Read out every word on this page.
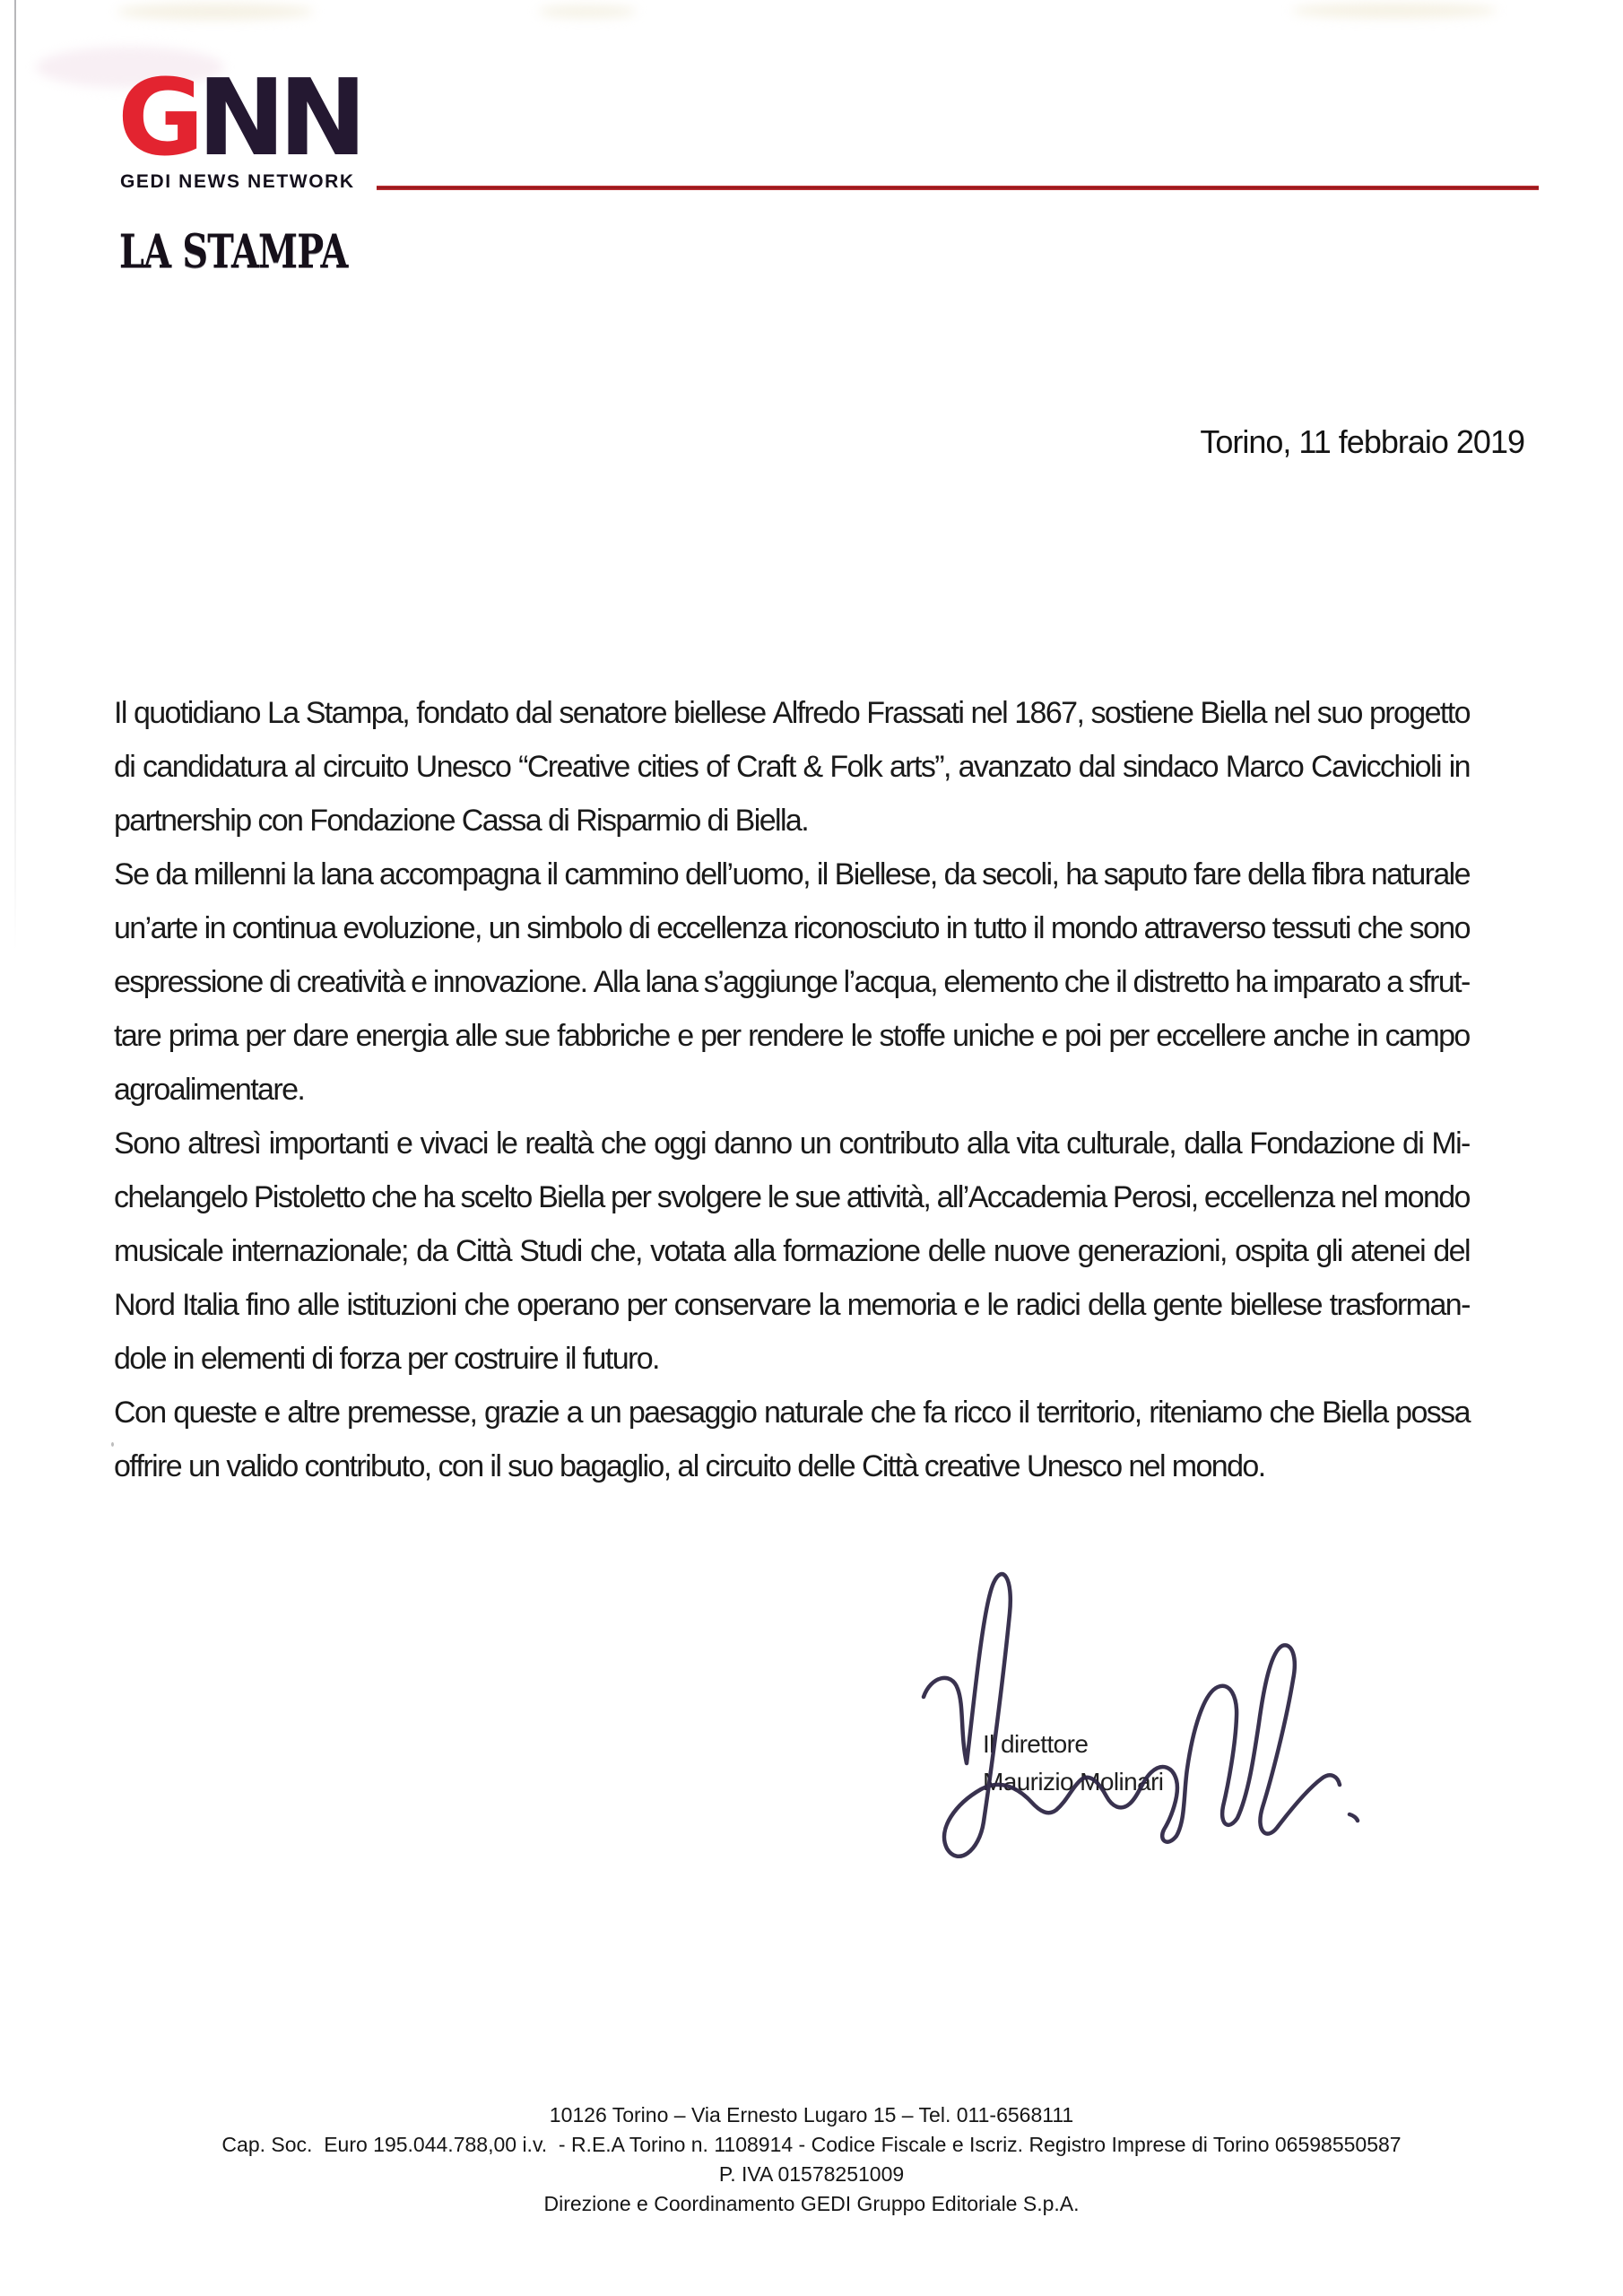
GNN
GEDI NEWS NETWORK
LA STAMPA
Torino, 11 febbraio 2019
Il quotidiano La Stampa, fondato dal senatore biellese Alfredo Frassati nel 1867, sostiene Biella nel suo progetto
di candidatura al circuito Unesco “Creative cities of Craft & Folk arts”, avanzato dal sindaco Marco Cavicchioli in
partnership con Fondazione Cassa di Risparmio di Biella.
Se da millenni la lana accompagna il cammino dell’uomo, il Biellese, da secoli, ha saputo fare della fibra naturale
un’arte in continua evoluzione, un simbolo di eccellenza riconosciuto in tutto il mondo attraverso tessuti che sono
espressione di creatività e innovazione. Alla lana s’aggiunge l’acqua, elemento che il distretto ha imparato a sfrut-
tare prima per dare energia alle sue fabbriche e per rendere le stoffe uniche e poi per eccellere anche in campo
agroalimentare.
Sono altresì importanti e vivaci le realtà che oggi danno un contributo alla vita culturale, dalla Fondazione di Mi-
chelangelo Pistoletto che ha scelto Biella per svolgere le sue attività, all’Accademia Perosi, eccellenza nel mondo
musicale internazionale; da Città Studi che, votata alla formazione delle nuove generazioni, ospita gli atenei del
Nord Italia fino alle istituzioni che operano per conservare la memoria e le radici della gente biellese trasforman-
dole in elementi di forza per costruire il futuro.
Con queste e altre premesse, grazie a un paesaggio naturale che fa ricco il territorio, riteniamo che Biella possa
offrire un valido contributo, con il suo bagaglio, al circuito delle Città creative Unesco nel mondo.
Il direttore
Maurizio Molinari
10126 Torino – Via Ernesto Lugaro 15 – Tel. 011-6568111
Cap. Soc.  Euro 195.044.788,00 i.v.  - R.E.A Torino n. 1108914 - Codice Fiscale e Iscriz. Registro Imprese di Torino 06598550587
P. IVA 01578251009
Direzione e Coordinamento GEDI Gruppo Editoriale S.p.A.
